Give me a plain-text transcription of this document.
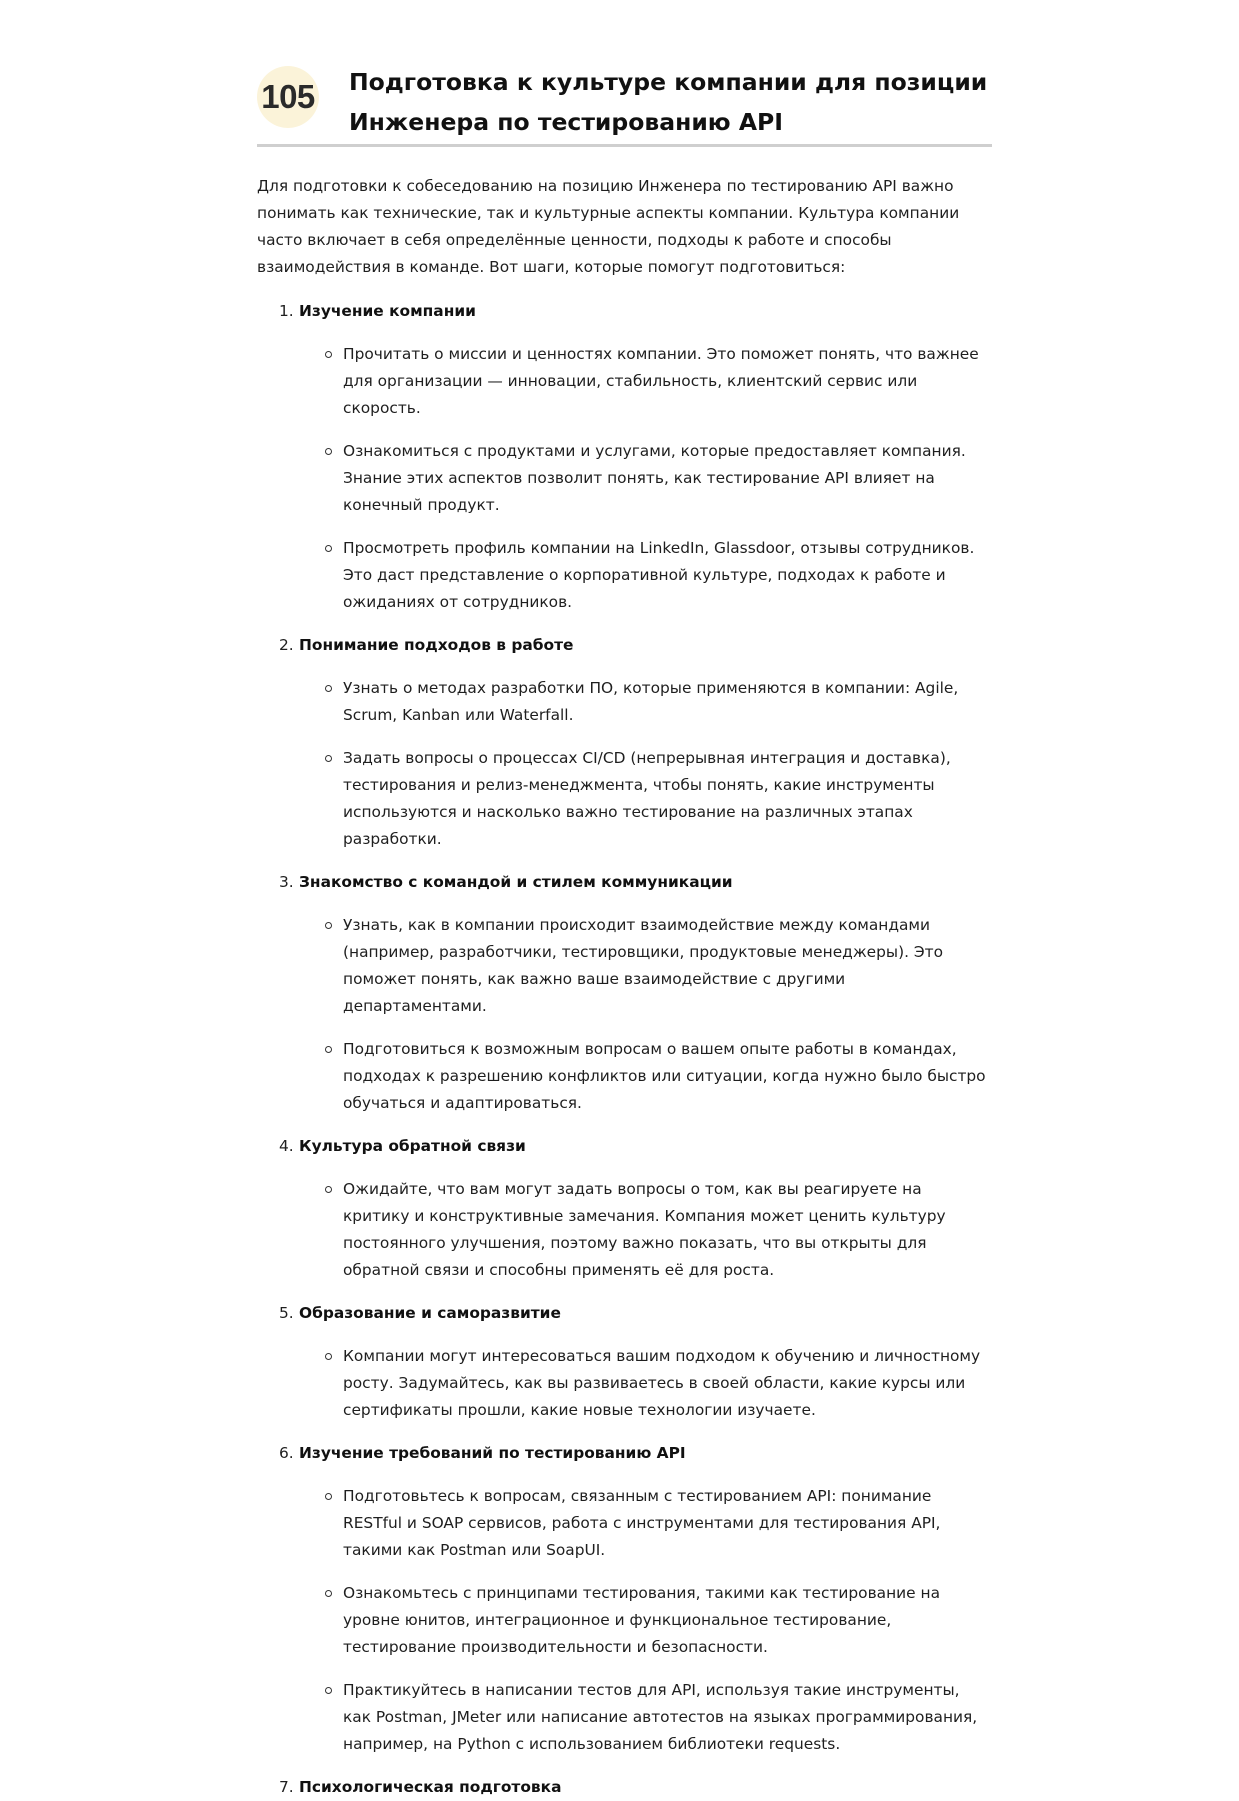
105 Подготовка к культуре компании для позиции Инженера по тестированию API

Для подготовки к собеседованию на позицию Инженера по тестированию API важно понимать как технические, так и культурные аспекты компании. Культура компании часто включает в себя определённые ценности, подходы к работе и способы взаимодействия в команде. Вот шаги, которые помогут подготовиться:

1. Изучение компании
Прочитать о миссии и ценностях компании. Это поможет понять, что важнее для организации — инновации, стабильность, клиентский сервис или скорость.
Ознакомиться с продуктами и услугами, которые предоставляет компания. Знание этих аспектов позволит понять, как тестирование API влияет на конечный продукт.
Просмотреть профиль компании на LinkedIn, Glassdoor, отзывы сотрудников. Это даст представление о корпоративной культуре, подходах к работе и ожиданиях от сотрудников.
2. Понимание подходов в работе
Узнать о методах разработки ПО, которые применяются в компании: Agile, Scrum, Kanban или Waterfall.
Задать вопросы о процессах CI/CD (непрерывная интеграция и доставка), тестирования и релиз-менеджмента, чтобы понять, какие инструменты используются и насколько важно тестирование на различных этапах разработки.
3. Знакомство с командой и стилем коммуникации
Узнать, как в компании происходит взаимодействие между командами (например, разработчики, тестировщики, продуктовые менеджеры). Это поможет понять, как важно ваше взаимодействие с другими департаментами.
Подготовиться к возможным вопросам о вашем опыте работы в командах, подходах к разрешению конфликтов или ситуации, когда нужно было быстро обучаться и адаптироваться.
4. Культура обратной связи
Ожидайте, что вам могут задать вопросы о том, как вы реагируете на критику и конструктивные замечания. Компания может ценить культуру постоянного улучшения, поэтому важно показать, что вы открыты для обратной связи и способны применять её для роста.
5. Образование и саморазвитие
Компании могут интересоваться вашим подходом к обучению и личностному росту. Задумайтесь, как вы развиваетесь в своей области, какие курсы или сертификаты прошли, какие новые технологии изучаете.
6. Изучение требований по тестированию API
Подготовьтесь к вопросам, связанным с тестированием API: понимание RESTful и SOAP сервисов, работа с инструментами для тестирования API, такими как Postman или SoapUI.
Ознакомьтесь с принципами тестирования, такими как тестирование на уровне юнитов, интеграционное и функциональное тестирование, тестирование производительности и безопасности.
Практикуйтесь в написании тестов для API, используя такие инструменты, как Postman, JMeter или написание автотестов на языках программирования, например, на Python с использованием библиотеки requests.
7. Психологическая подготовка
